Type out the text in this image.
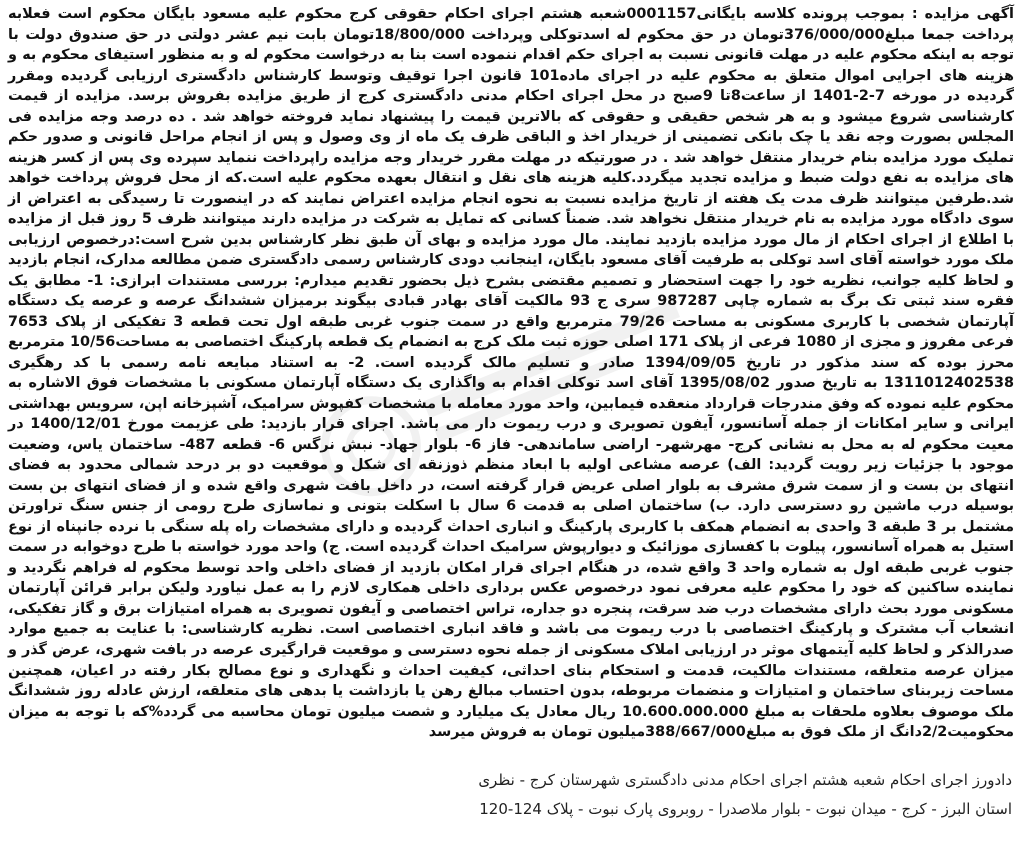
آگهی مزایده : بموجب پرونده کلاسه بایگانی0001157شعبه هشتم اجرای احکام حقوقی کرج محکوم علیه مسعود بایگان محکوم است فعلابه پرداخت جمعا مبلغ376/000/000تومان در حق محکوم له اسدتوکلی وپرداخت 18/800/000تومان بابت نیم عشر دولتی در حق صندوق دولت با توجه به اینکه محکوم علیه در مهلت قانونی نسبت به اجرای حکم اقدام ننموده است بنا به درخواست محکوم له و به منظور استیفای محکوم به و هزینه های اجرایی اموال متعلق به محکوم علیه در اجرای ماده101 قانون اجرا توقیف وتوسط کارشناس دادگستری ارزیابی گردیده ومقرر گردیده در مورخه 7-2-1401 از ساعت8تا 9صبح در محل اجرای احکام مدنی دادگستری کرج از طریق مزایده بفروش برسد. مزایده از قیمت کارشناسی شروع میشود و به هر شخص حقیقی و حقوقی که بالاترین قیمت را پیشنهاد نماید فروخته خواهد شد . ده درصد وجه مزایده فی المجلس بصورت وجه نقد یا چک بانکی تضمینی از خریدار اخذ و الباقی ظرف یک ماه از وی وصول و پس از انجام مراحل قانونی و صدور حکم تملیک مورد مزایده بنام خریدار منتقل خواهد شد . در صورتیکه در مهلت مقرر خریدار وجه مزایده راپرداخت ننماید سپرده وی پس از کسر هزینه های مزایده به نفع دولت ضبط و مزایده تجدید میگردد.کلیه هزینه های نقل و انتقال بعهده محکوم علیه است.که از محل فروش پرداخت خواهد شد.طرفین میتوانند ظرف مدت یک هفته از تاریخ مزایده نسبت به نحوه انجام مزایده اعتراض نمایند که در اینصورت تا رسیدگی به اعتراض از سوی دادگاه مورد مزایده به نام خریدار منتقل نخواهد شد. ضمناً کسانی که تمایل به شرکت در مزایده دارند میتوانند ظرف 5 روز قبل از مزایده با اطلاع از اجرای احکام از مال مورد مزایده بازدید نمایند. مال مورد مزایده و بهای آن طبق نظر کارشناس بدین شرح است:درخصوص ارزیابی ملک مورد خواسته آقای اسد توکلی به طرفیت آقای مسعود بایگان، اینجانب دودی کارشناس رسمی دادگستری ضمن مطالعه مدارک، انجام بازدید و لحاظ کلیه جوانب، نظریه خود را جهت استحضار و تصمیم مقتضی بشرح ذیل بحضور تقدیم میدارم: بررسی مستندات ابرازی: 1- مطابق یک فقره سند ثبتی تک برگ به شماره چاپی 987287 سری ج 93 مالکیت آقای بهادر قبادی بیگوند برمیزان ششدانگ عرصه و عرصه یک دستگاه آپارتمان شخصی با کاربری مسکونی به مساحت 79/26 مترمربع واقع در سمت جنوب غربی طبقه اول تحت قطعه 3 تفکیکی از پلاک 7653 فرعی مفروز و مجزی از 1080 فرعی از پلاک 171 اصلی حوزه ثبت ملک کرج به انضمام یک قطعه پارکینگ اختصاصی به مساحت10/56 مترمربع محرز بوده که سند مذکور در تاریخ 1394/09/05 صادر و تسلیم مالک گردیده است. 2- به استناد مبایعه نامه رسمی با کد رهگیری 1311012402538 به تاریخ صدور 1395/08/02 آقای اسد توکلی اقدام به واگذاری یک دستگاه آپارتمان مسکونی با مشخصات فوق الاشاره به محکوم علیه نموده که وفق مندرجات قرارداد منعقده فیمابین، واحد مورد معامله با مشخصات کفپوش سرامیک، آشپزخانه اپن، سرویس بهداشتی ایرانی و سایر امکانات از جمله آسانسور، آیفون تصویری و درب ریموت دار می باشد. اجرای قرار بازدید: طی عزیمت مورخ 1400/12/01 در معیت محکوم له به محل به نشانی کرج- مهرشهر- اراضی ساماندهی- فاز 6- بلوار جهاد- نبش نرگس 6- قطعه 487- ساختمان یاس، وضعیت موجود با جزئیات زیر رویت گردید: الف) عرصه مشاعی اولیه با ابعاد منظم ذوزنقه ای شکل و موقعیت دو بر درحد شمالی محدود به فضای انتهای بن بست و از سمت شرق مشرف به بلوار اصلی عریض قرار گرفته است، در داخل بافت شهری واقع شده و از فضای انتهای بن بست بوسیله درب ماشین رو دسترسی دارد. ب) ساختمان اصلی به قدمت 6 سال با اسکلت بتونی و نماسازی طرح رومی از جنس سنگ تراورتن مشتمل بر 3 طبقه 3 واحدی به انضمام همکف با کاربری پارکینگ و انباری احداث گردیده و دارای مشخصات راه پله سنگی با نرده جانپناه از نوع استیل به همراه آسانسور، پیلوت با کفسازی موزائیک و دیوارپوش سرامیک احداث گردیده است. ج) واحد مورد خواسته با طرح دوخوابه در سمت جنوب غربی طبقه اول به شماره واحد 3 واقع شده، در هنگام اجرای قرار امکان بازدید از فضای داخلی واحد توسط محکوم له فراهم نگردید و نماینده ساکنین که خود را محکوم علیه معرفی نمود درخصوص عکس برداری داخلی همکاری لازم را به عمل نیاورد ولیکن برابر قرائن آپارتمان مسکونی مورد بحث دارای مشخصات درب ضد سرقت، پنجره دو جداره، تراس اختصاصی و آیفون تصویری به همراه امتیازات برق و گاز تفکیکی، انشعاب آب مشترک و پارکینگ اختصاصی با درب ریموت می باشد و فاقد انباری اختصاصی است. نظریه کارشناسی: با عنایت به جمیع موارد صدرالذکر و لحاظ کلیه آیتمهای موثر در ارزیابی املاک مسکونی از جمله نحوه دسترسی و موقعیت قرارگیری عرصه در بافت شهری، عرض گذر و میزان عرصه متعلقه، مستندات مالکیت، قدمت و استحکام بنای احداثی، کیفیت احداث و نگهداری و نوع مصالح بکار رفته در اعیان، همچنین مساحت زیربنای ساختمان و امتیازات و منضمات مربوطه، بدون احتساب مبالغ رهن یا بازداشت یا بدهی های متعلقه، ارزش عادله روز ششدانگ ملک موصوف بعلاوه ملحقات به مبلغ 10.600.000.000 ریال معادل یک میلیارد و شصت میلیون تومان محاسبه می گردد%که با توجه به میزان محکومیت2/2دانگ از ملک فوق به مبلغ388/667/000میلیون تومان به فروش میرسد

دادورز اجرای احکام شعبه هشتم اجرای احکام مدنی دادگستری شهرستان کرج - نظری
استان البرز - کرج - میدان نبوت - بلوار ملاصدرا - روبروی پارک نبوت - پلاک 124-120
